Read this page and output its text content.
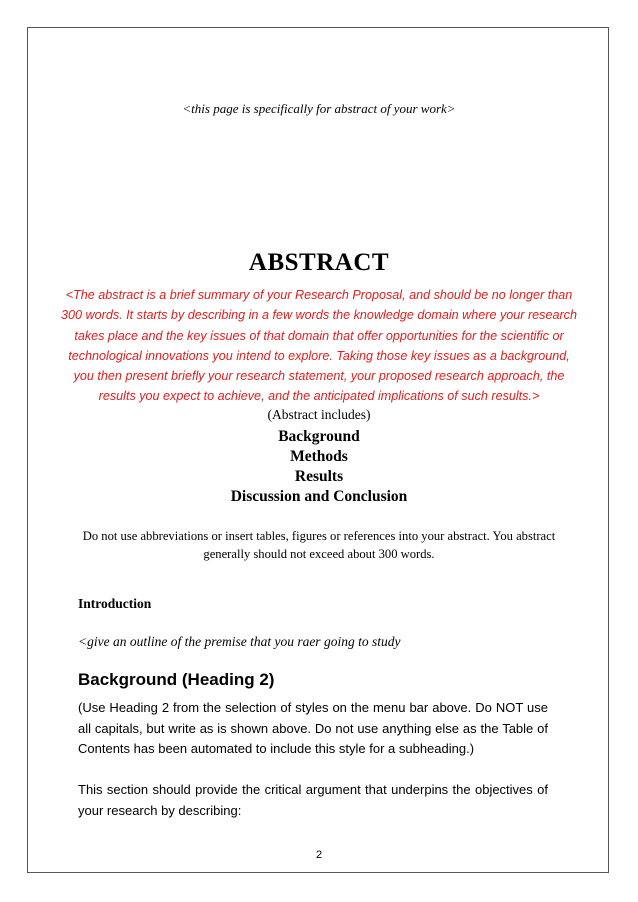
<this page is specifically for abstract of your work>
ABSTRACT
<The abstract is a brief summary of your Research Proposal, and should be no longer than 300 words. It starts by describing in a few words the knowledge domain where your research takes place and the key issues of that domain that offer opportunities for the scientific or technological innovations you intend to explore. Taking those key issues as a background, you then present briefly your research statement, your proposed research approach, the results you expect to achieve, and the anticipated implications of such results.>
(Abstract includes)
Background
Methods
Results
Discussion and Conclusion
Do not use abbreviations or insert tables, figures or references into your abstract. You abstract generally should not exceed about 300 words.
Introduction
<give an outline of the premise that you raer going to study
Background (Heading 2)
(Use Heading 2 from the selection of styles on the menu bar above. Do NOT use all capitals, but write as is shown above. Do not use anything else as the Table of Contents has been automated to include this style for a subheading.)
This section should provide the critical argument that underpins the objectives of your research by describing:
2
